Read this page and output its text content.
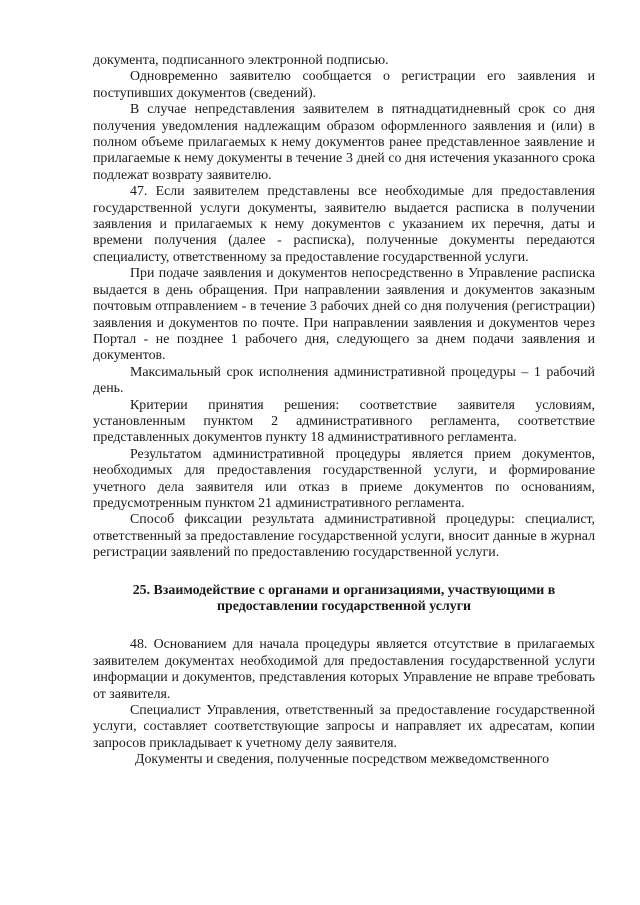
документа, подписанного электронной подписью.

Одновременно заявителю сообщается о регистрации его заявления и поступивших документов (сведений).

В случае непредставления заявителем в пятнадцатидневный срок со дня получения уведомления надлежащим образом оформленного заявления и (или) в полном объеме прилагаемых к нему документов ранее представленное заявление и прилагаемые к нему документы в течение 3 дней со дня истечения указанного срока подлежат возврату заявителю.

47. Если заявителем представлены все необходимые для предоставления государственной услуги документы, заявителю выдается расписка в получении заявления и прилагаемых к нему документов с указанием их перечня, даты и времени получения (далее - расписка), полученные документы передаются специалисту, ответственному за предоставление государственной услуги.

При подаче заявления и документов непосредственно в Управление расписка выдается в день обращения. При направлении заявления и документов заказным почтовым отправлением - в течение 3 рабочих дней со дня получения (регистрации) заявления и документов по почте. При направлении заявления и документов через Портал - не позднее 1 рабочего дня, следующего за днем подачи заявления и документов.

Максимальный срок исполнения административной процедуры – 1 рабочий день.

Критерии принятия решения: соответствие заявителя условиям, установленным пунктом 2 административного регламента, соответствие представленных документов пункту 18 административного регламента.

Результатом административной процедуры является прием документов, необходимых для предоставления государственной услуги, и формирование учетного дела заявителя или отказ в приеме документов по основаниям, предусмотренным пунктом 21 административного регламента.

Способ фиксации результата административной процедуры: специалист, ответственный за предоставление государственной услуги, вносит данные в журнал регистрации заявлений по предоставлению государственной услуги.

25. Взаимодействие с органами и организациями, участвующими в предоставлении государственной услуги

48. Основанием для начала процедуры является отсутствие в прилагаемых заявителем документах необходимой для предоставления государственной услуги информации и документов, представления которых Управление не вправе требовать от заявителя.

Специалист Управления, ответственный за предоставление государственной услуги, составляет соответствующие запросы и направляет их адресатам, копии запросов прикладывает к учетному делу заявителя.

Документы и сведения, полученные посредством межведомственного
